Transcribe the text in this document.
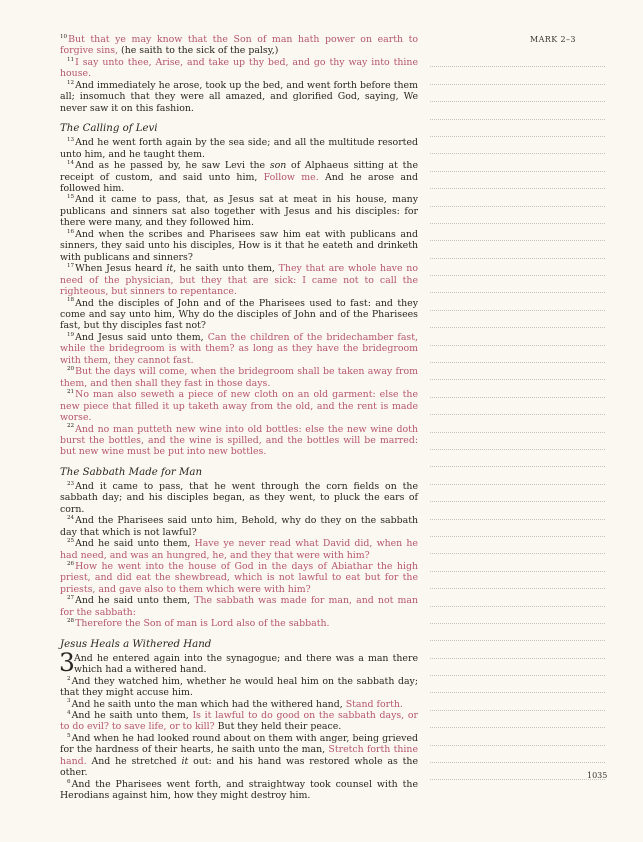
MARK 2–3
$^{10}$But that ye may know that the Son of man hath power on earth to forgive sins, (he saith to the sick of the palsy,)
$^{11}$I say unto thee, Arise, and take up thy bed, and go thy way into thine house.
$^{12}$And immediately he arose, took up the bed, and went forth before them all; insomuch that they were all amazed, and glorified God, saying, We never saw it on this fashion.
The Calling of Levi
$^{13}$And he went forth again by the sea side; and all the multitude resorted unto him, and he taught them.
$^{14}$And as he passed by, he saw Levi the son of Alphaeus sitting at the receipt of custom, and said unto him, Follow me. And he arose and followed him.
$^{15}$And it came to pass, that, as Jesus sat at meat in his house, many publicans and sinners sat also together with Jesus and his disciples: for there were many, and they followed him.
$^{16}$And when the scribes and Pharisees saw him eat with publicans and sinners, they said unto his disciples, How is it that he eateth and drinketh with publicans and sinners?
$^{17}$When Jesus heard it, he saith unto them, They that are whole have no need of the physician, but they that are sick: I came not to call the righteous, but sinners to repentance.
$^{18}$And the disciples of John and of the Pharisees used to fast: and they come and say unto him, Why do the disciples of John and of the Pharisees fast, but thy disciples fast not?
$^{19}$And Jesus said unto them, Can the children of the bridechamber fast, while the bridegroom is with them? as long as they have the bridegroom with them, they cannot fast.
$^{20}$But the days will come, when the bridegroom shall be taken away from them, and then shall they fast in those days.
$^{21}$No man also seweth a piece of new cloth on an old garment: else the new piece that filled it up taketh away from the old, and the rent is made worse.
$^{22}$And no man putteth new wine into old bottles: else the new wine doth burst the bottles, and the wine is spilled, and the bottles will be marred: but new wine must be put into new bottles.
The Sabbath Made for Man
$^{23}$And it came to pass, that he went through the corn fields on the sabbath day; and his disciples began, as they went, to pluck the ears of corn.
$^{24}$And the Pharisees said unto him, Behold, why do they on the sabbath day that which is not lawful?
$^{25}$And he said unto them, Have ye never read what David did, when he had need, and was an hungred, he, and they that were with him?
$^{26}$How he went into the house of God in the days of Abiathar the high priest, and did eat the shewbread, which is not lawful to eat but for the priests, and gave also to them which were with him?
$^{27}$And he said unto them, The sabbath was made for man, and not man for the sabbath:
$^{28}$Therefore the Son of man is Lord also of the sabbath.
Jesus Heals a Withered Hand
3 And he entered again into the synagogue; and there was a man there which had a withered hand.
$^2$And they watched him, whether he would heal him on the sabbath day; that they might accuse him.
$^3$And he saith unto the man which had the withered hand, Stand forth.
$^4$And he saith unto them, Is it lawful to do good on the sabbath days, or to do evil? to save life, or to kill? But they held their peace.
$^5$And when he had looked round about on them with anger, being grieved for the hardness of their hearts, he saith unto the man, Stretch forth thine hand. And he stretched it out: and his hand was restored whole as the other.
$^6$And the Pharisees went forth, and straightway took counsel with the Herodians against him, how they might destroy him.
1035
